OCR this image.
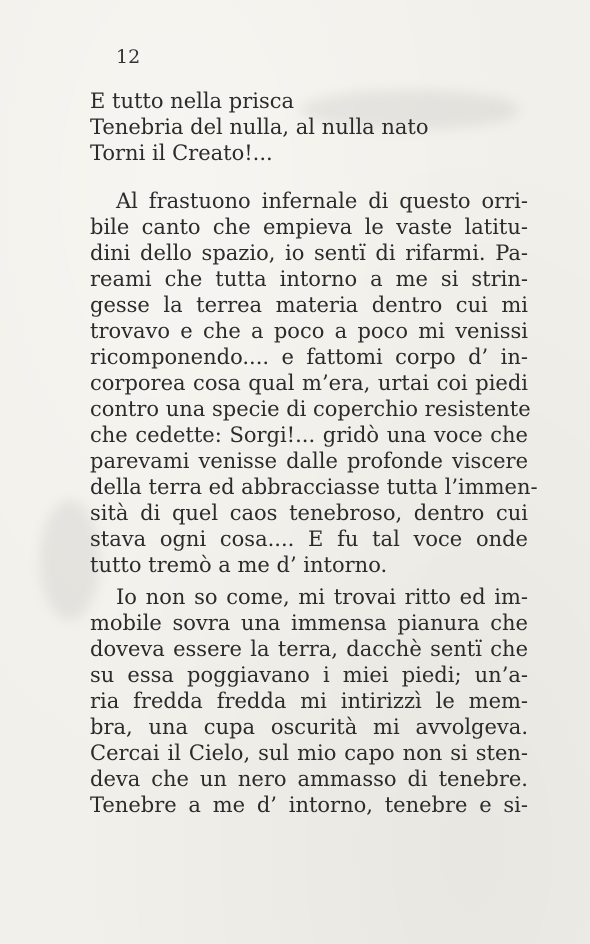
12
E tutto nella prisca
Tenebria del nulla, al nulla nato
Torni il Creato!...
Al frastuono infernale di questo orri-
bile canto che empieva le vaste latitu-
dini dello spazio, io sentï di rifarmi. Pa-
reami che tutta intorno a me si strin-
gesse la terrea materia dentro cui mi
trovavo e che a poco a poco mi venissi
ricomponendo.... e fattomi corpo d’ in-
corporea cosa qual m’era, urtai coi piedi
contro una specie di coperchio resistente
che cedette: Sorgi!... gridò una voce che
parevami venisse dalle profonde viscere
della terra ed abbracciasse tutta l’immen-
sità di quel caos tenebroso, dentro cui
stava ogni cosa.... E fu tal voce onde
tutto tremò a me d’ intorno.
Io non so come, mi trovai ritto ed im-
mobile sovra una immensa pianura che
doveva essere la terra, dacchè sentï che
su essa poggiavano i miei piedi; un’a-
ria fredda fredda mi intirizzì le mem-
bra, una cupa oscurità mi avvolgeva.
Cercai il Cielo, sul mio capo non si sten-
deva che un nero ammasso di tenebre.
Tenebre a me d’ intorno, tenebre e si-
